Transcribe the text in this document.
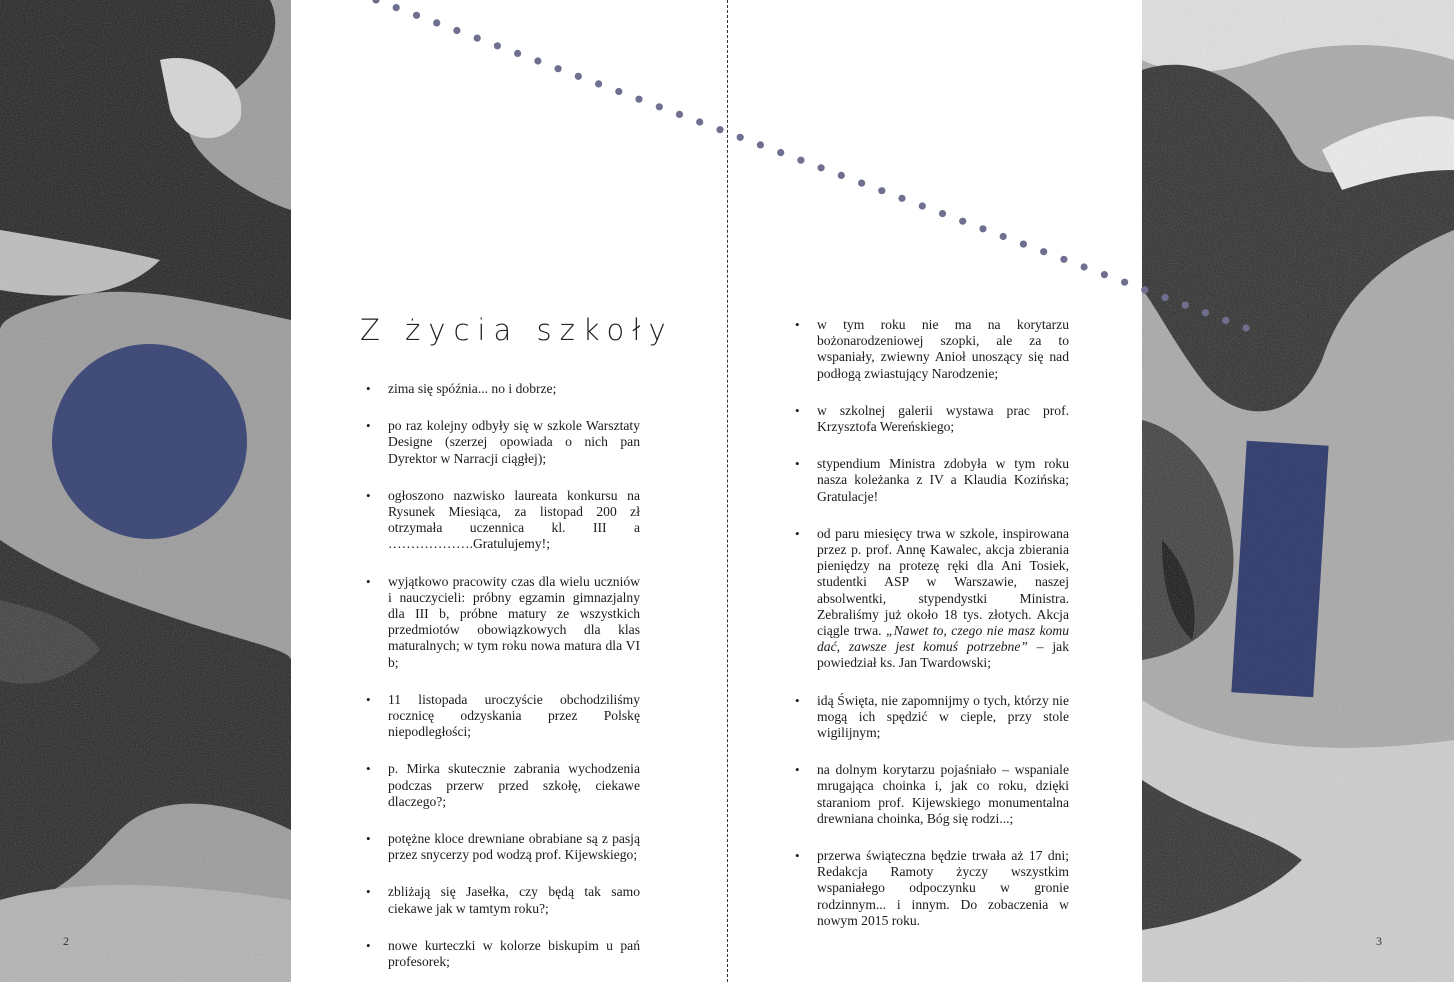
Z życia szkoły
• zima się spóźnia... no i dobrze;
• po raz kolejny odbyły się w szkole Warsztaty Designe (szerzej opowiada o nich pan Dyrektor w Narracji ciągłej);
• ogłoszono nazwisko laureata konkursu na Rysunek Miesiąca, za listopad 200 zł otrzymała uczennica kl. III a ……………….Gratulujemy!;
• wyjątkowo pracowity czas dla wielu uczniów i nauczycieli: próbny egzamin gimnazjalny dla III b, próbne matury ze wszystkich przedmiotów obowiązkowych dla klas maturalnych; w tym roku nowa matura dla VI b;
• 11 listopada uroczyście obchodziliśmy rocznicę odzyskania przez Polskę niepodległości;
• p. Mirka skutecznie zabrania wychodzenia podczas przerw przed szkołę, ciekawe dlaczego?;
• potężne kloce drewniane obrabiane są z pasją przez snycerzy pod wodzą prof. Kijewskiego;
• zbliżają się Jasełka, czy będą tak samo ciekawe jak w tamtym roku?;
• nowe kurteczki w kolorze biskupim u pań profesorek;
• w tym roku nie ma na korytarzu bożonarodzeniowej szopki, ale za to wspaniały, zwiewny Anioł unoszący się nad podłogą zwiastujący Narodzenie;
• w szkolnej galerii wystawa prac prof. Krzysztofa Wereńskiego;
• stypendium Ministra zdobyła w tym roku nasza koleżanka z IV a Klaudia Kozińska; Gratulacje!
• od paru miesięcy trwa w szkole, inspirowana przez p. prof. Annę Kawalec, akcja zbierania pieniędzy na protezę ręki dla Ani Tosiek, studentki ASP w Warszawie, naszej absolwentki, stypendystki Ministra. Zebraliśmy już około 18 tys. złotych. Akcja ciągle trwa. „Nawet to, czego nie masz komu dać, zawsze jest komuś potrzebne” – jak powiedział ks. Jan Twardowski;
• idą Święta, nie zapomnijmy o tych, którzy nie mogą ich spędzić w cieple, przy stole wigilijnym;
• na dolnym korytarzu pojaśniało – wspaniale mrugająca choinka i, jak co roku, dzięki staraniom prof. Kijewskiego monumentalna drewniana choinka, Bóg się rodzi...;
• przerwa świąteczna będzie trwała aż 17 dni; Redakcja Ramoty życzy wszystkim wspaniałego odpoczynku w gronie rodzinnym... i innym. Do zobaczenia w nowym 2015 roku.
2	3
